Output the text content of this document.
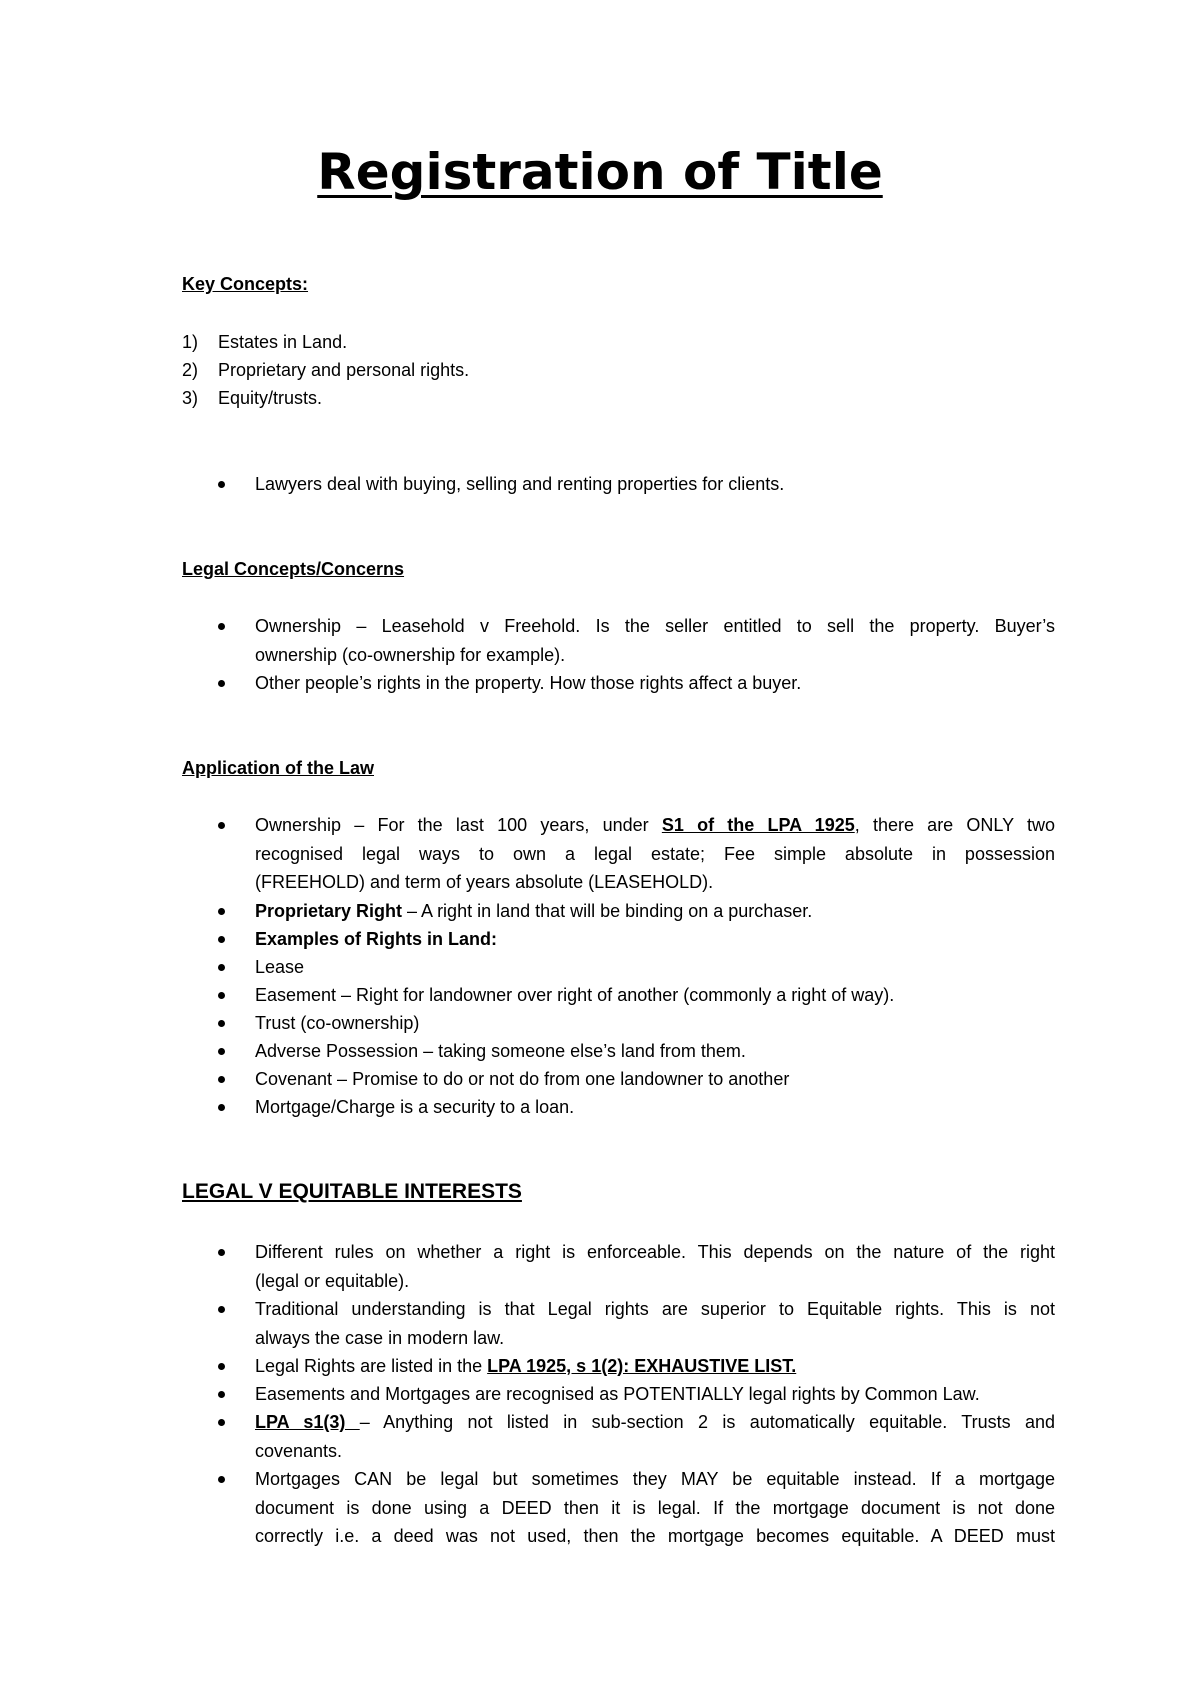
Registration of Title
Key Concepts:
1) Estates in Land.
2) Proprietary and personal rights.
3) Equity/trusts.
Lawyers deal with buying, selling and renting properties for clients.
Legal Concepts/Concerns
Ownership – Leasehold v Freehold. Is the seller entitled to sell the property. Buyer’s
ownership (co-ownership for example).
Other people’s rights in the property. How those rights affect a buyer.
Application of the Law
Ownership – For the last 100 years, under S1 of the LPA 1925, there are ONLY two
recognised legal ways to own a legal estate; Fee simple absolute in possession
(FREEHOLD) and term of years absolute (LEASEHOLD).
Proprietary Right – A right in land that will be binding on a purchaser.
Examples of Rights in Land:
Lease
Easement – Right for landowner over right of another (commonly a right of way).
Trust (co-ownership)
Adverse Possession – taking someone else’s land from them.
Covenant – Promise to do or not do from one landowner to another
Mortgage/Charge is a security to a loan.
LEGAL V EQUITABLE INTERESTS
Different rules on whether a right is enforceable. This depends on the nature of the right
(legal or equitable).
Traditional understanding is that Legal rights are superior to Equitable rights. This is not
always the case in modern law.
Legal Rights are listed in the LPA 1925, s 1(2): EXHAUSTIVE LIST.
Easements and Mortgages are recognised as POTENTIALLY legal rights by Common Law.
LPA s1(3) – Anything not listed in sub-section 2 is automatically equitable. Trusts and
covenants.
Mortgages CAN be legal but sometimes they MAY be equitable instead. If a mortgage
document is done using a DEED then it is legal. If the mortgage document is not done
correctly i.e. a deed was not used, then the mortgage becomes equitable. A DEED must
